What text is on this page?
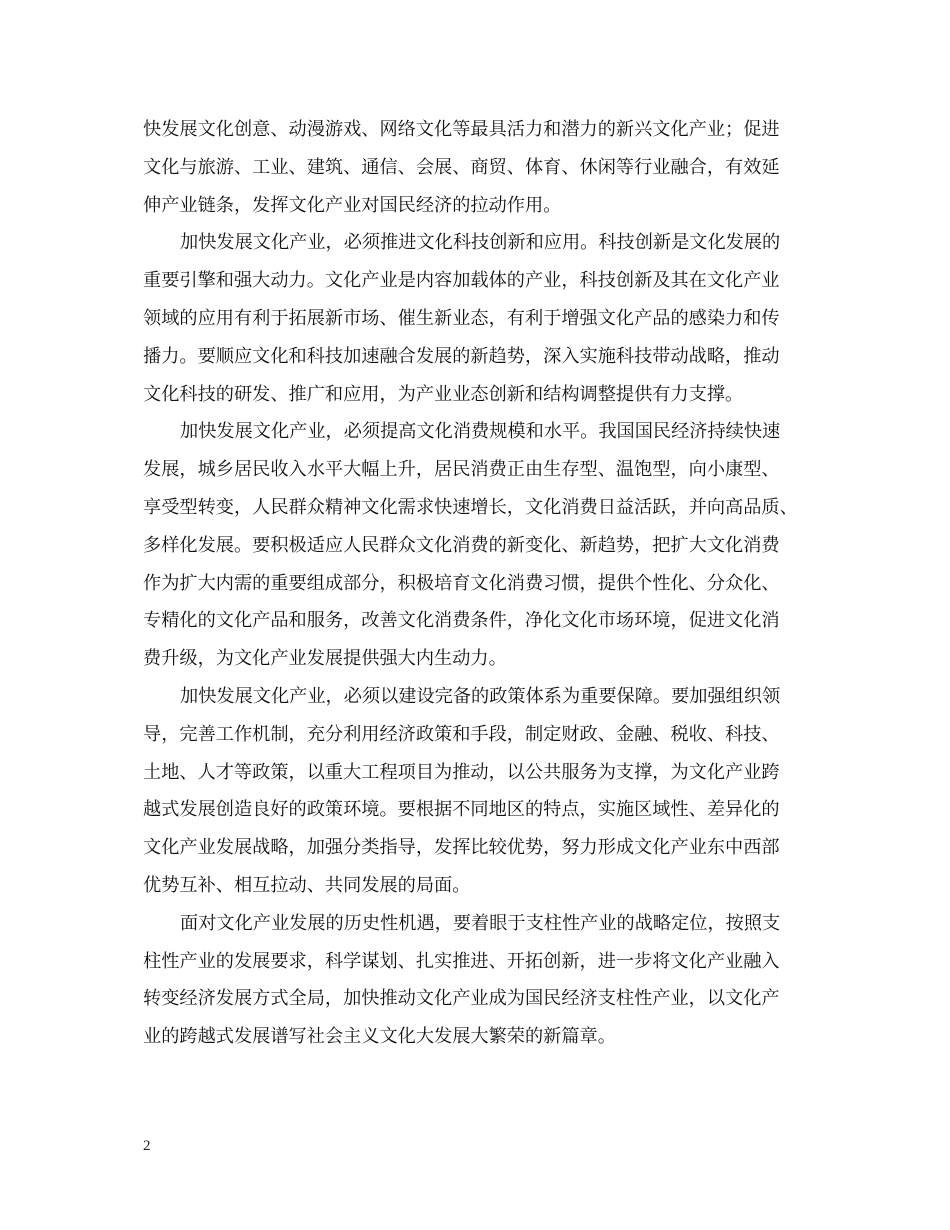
快发展文化创意、动漫游戏、网络文化等最具活力和潜力的新兴文化产业；促进
文化与旅游、工业、建筑、通信、会展、商贸、体育、休闲等行业融合，有效延
伸产业链条，发挥文化产业对国民经济的拉动作用。
加快发展文化产业，必须推进文化科技创新和应用。科技创新是文化发展的
重要引擎和强大动力。文化产业是内容加载体的产业，科技创新及其在文化产业
领域的应用有利于拓展新市场、催生新业态，有利于增强文化产品的感染力和传
播力。要顺应文化和科技加速融合发展的新趋势，深入实施科技带动战略，推动
文化科技的研发、推广和应用，为产业业态创新和结构调整提供有力支撑。
加快发展文化产业，必须提高文化消费规模和水平。我国国民经济持续快速
发展，城乡居民收入水平大幅上升，居民消费正由生存型、温饱型，向小康型、
享受型转变，人民群众精神文化需求快速增长，文化消费日益活跃，并向高品质、
多样化发展。要积极适应人民群众文化消费的新变化、新趋势，把扩大文化消费
作为扩大内需的重要组成部分，积极培育文化消费习惯，提供个性化、分众化、
专精化的文化产品和服务，改善文化消费条件，净化文化市场环境，促进文化消
费升级，为文化产业发展提供强大内生动力。
加快发展文化产业，必须以建设完备的政策体系为重要保障。要加强组织领
导，完善工作机制，充分利用经济政策和手段，制定财政、金融、税收、科技、
土地、人才等政策，以重大工程项目为推动，以公共服务为支撑，为文化产业跨
越式发展创造良好的政策环境。要根据不同地区的特点，实施区域性、差异化的
文化产业发展战略，加强分类指导，发挥比较优势，努力形成文化产业东中西部
优势互补、相互拉动、共同发展的局面。
面对文化产业发展的历史性机遇，要着眼于支柱性产业的战略定位，按照支
柱性产业的发展要求，科学谋划、扎实推进、开拓创新，进一步将文化产业融入
转变经济发展方式全局，加快推动文化产业成为国民经济支柱性产业，以文化产
业的跨越式发展谱写社会主义文化大发展大繁荣的新篇章。
2
